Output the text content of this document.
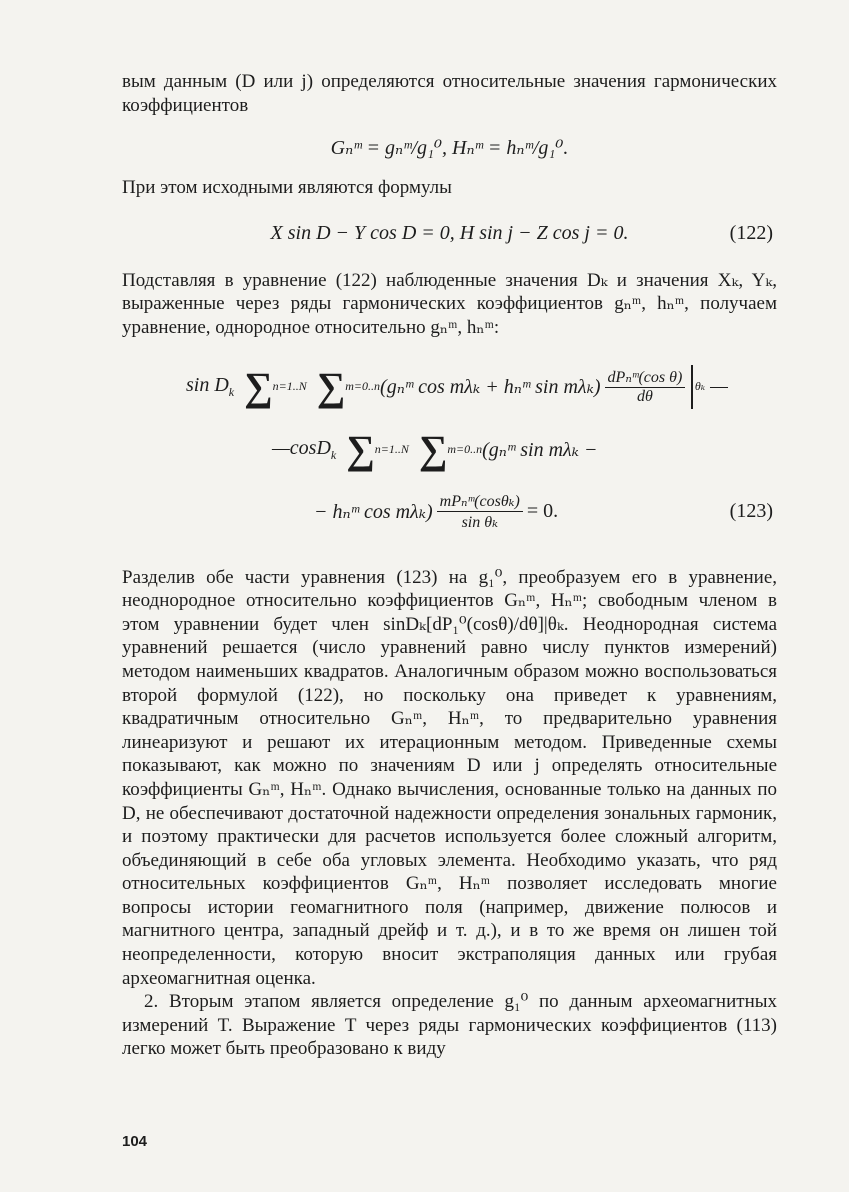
вым данным (D или j) определяются относительные значения гармонических коэффициентов

Gₙᵐ = gₙᵐ/g₁⁰, Hₙᵐ = hₙᵐ/g₁⁰.

При этом исходными являются формулы

X sin D − Y cos D = 0, H sin j − Z cos j = 0.	(122)

Подставляя в уравнение (122) наблюденные значения Dₖ и значения Xₖ, Yₖ, выраженные через ряды гармонических коэффициентов gₙᵐ, hₙᵐ, получаем уравнение, однородное относительно gₙᵐ, hₙᵐ:

$\sin D_k$ ∑ n=1..N ∑ m=0..n (gₙᵐ cos mλₖ + hₙᵐ $\sin m\lambda_k) \frac{\text{dPₙᵐ(cos θ)}}{d\theta}$ θₖ —
—cosD$_k$ ∑ n=1..N ∑ m=0..n (gₙᵐ sin mλₖ −
− hₙᵐ $\cos m\lambda_k) \frac{\text{mPₙᵐ(cosθₖ)}}{\text{sin θₖ}} = 0$.	(123)

Разделив обе части уравнения (123) на g₁⁰, преобразуем его в уравнение, неоднородное относительно коэффициентов Gₙᵐ, Hₙᵐ; свободным членом в этом уравнении будет член sinDₖ[dP₁⁰(cosθ)/dθ]|θₖ. Неоднородная система уравнений решается (число уравнений равно числу пунктов измерений) методом наименьших квадратов. Аналогичным образом можно воспользоваться второй формулой (122), но поскольку она приведет к уравнениям, квадратичным относительно Gₙᵐ, Hₙᵐ, то предварительно уравнения линеаризуют и решают их итерационным методом. Приведенные схемы показывают, как можно по значениям D или j определять относительные коэффициенты Gₙᵐ, Hₙᵐ. Однако вычисления, основанные только на данных по D, не обеспечивают достаточной надежности определения зональных гармоник, и поэтому практически для расчетов используется более сложный алгоритм, объединяющий в себе оба угловых элемента. Необходимо указать, что ряд относительных коэффициентов Gₙᵐ, Hₙᵐ позволяет исследовать многие вопросы истории геомагнитного поля (например, движение полюсов и магнитного центра, западный дрейф и т. д.), и в то же время он лишен той неопределенности, которую вносит экстраполяция данных или грубая археомагнитная оценка.

2. Вторым этапом является определение g₁⁰ по данным археомагнитных измерений T. Выражение T через ряды гармонических коэффициентов (113) легко может быть преобразовано к виду

104
